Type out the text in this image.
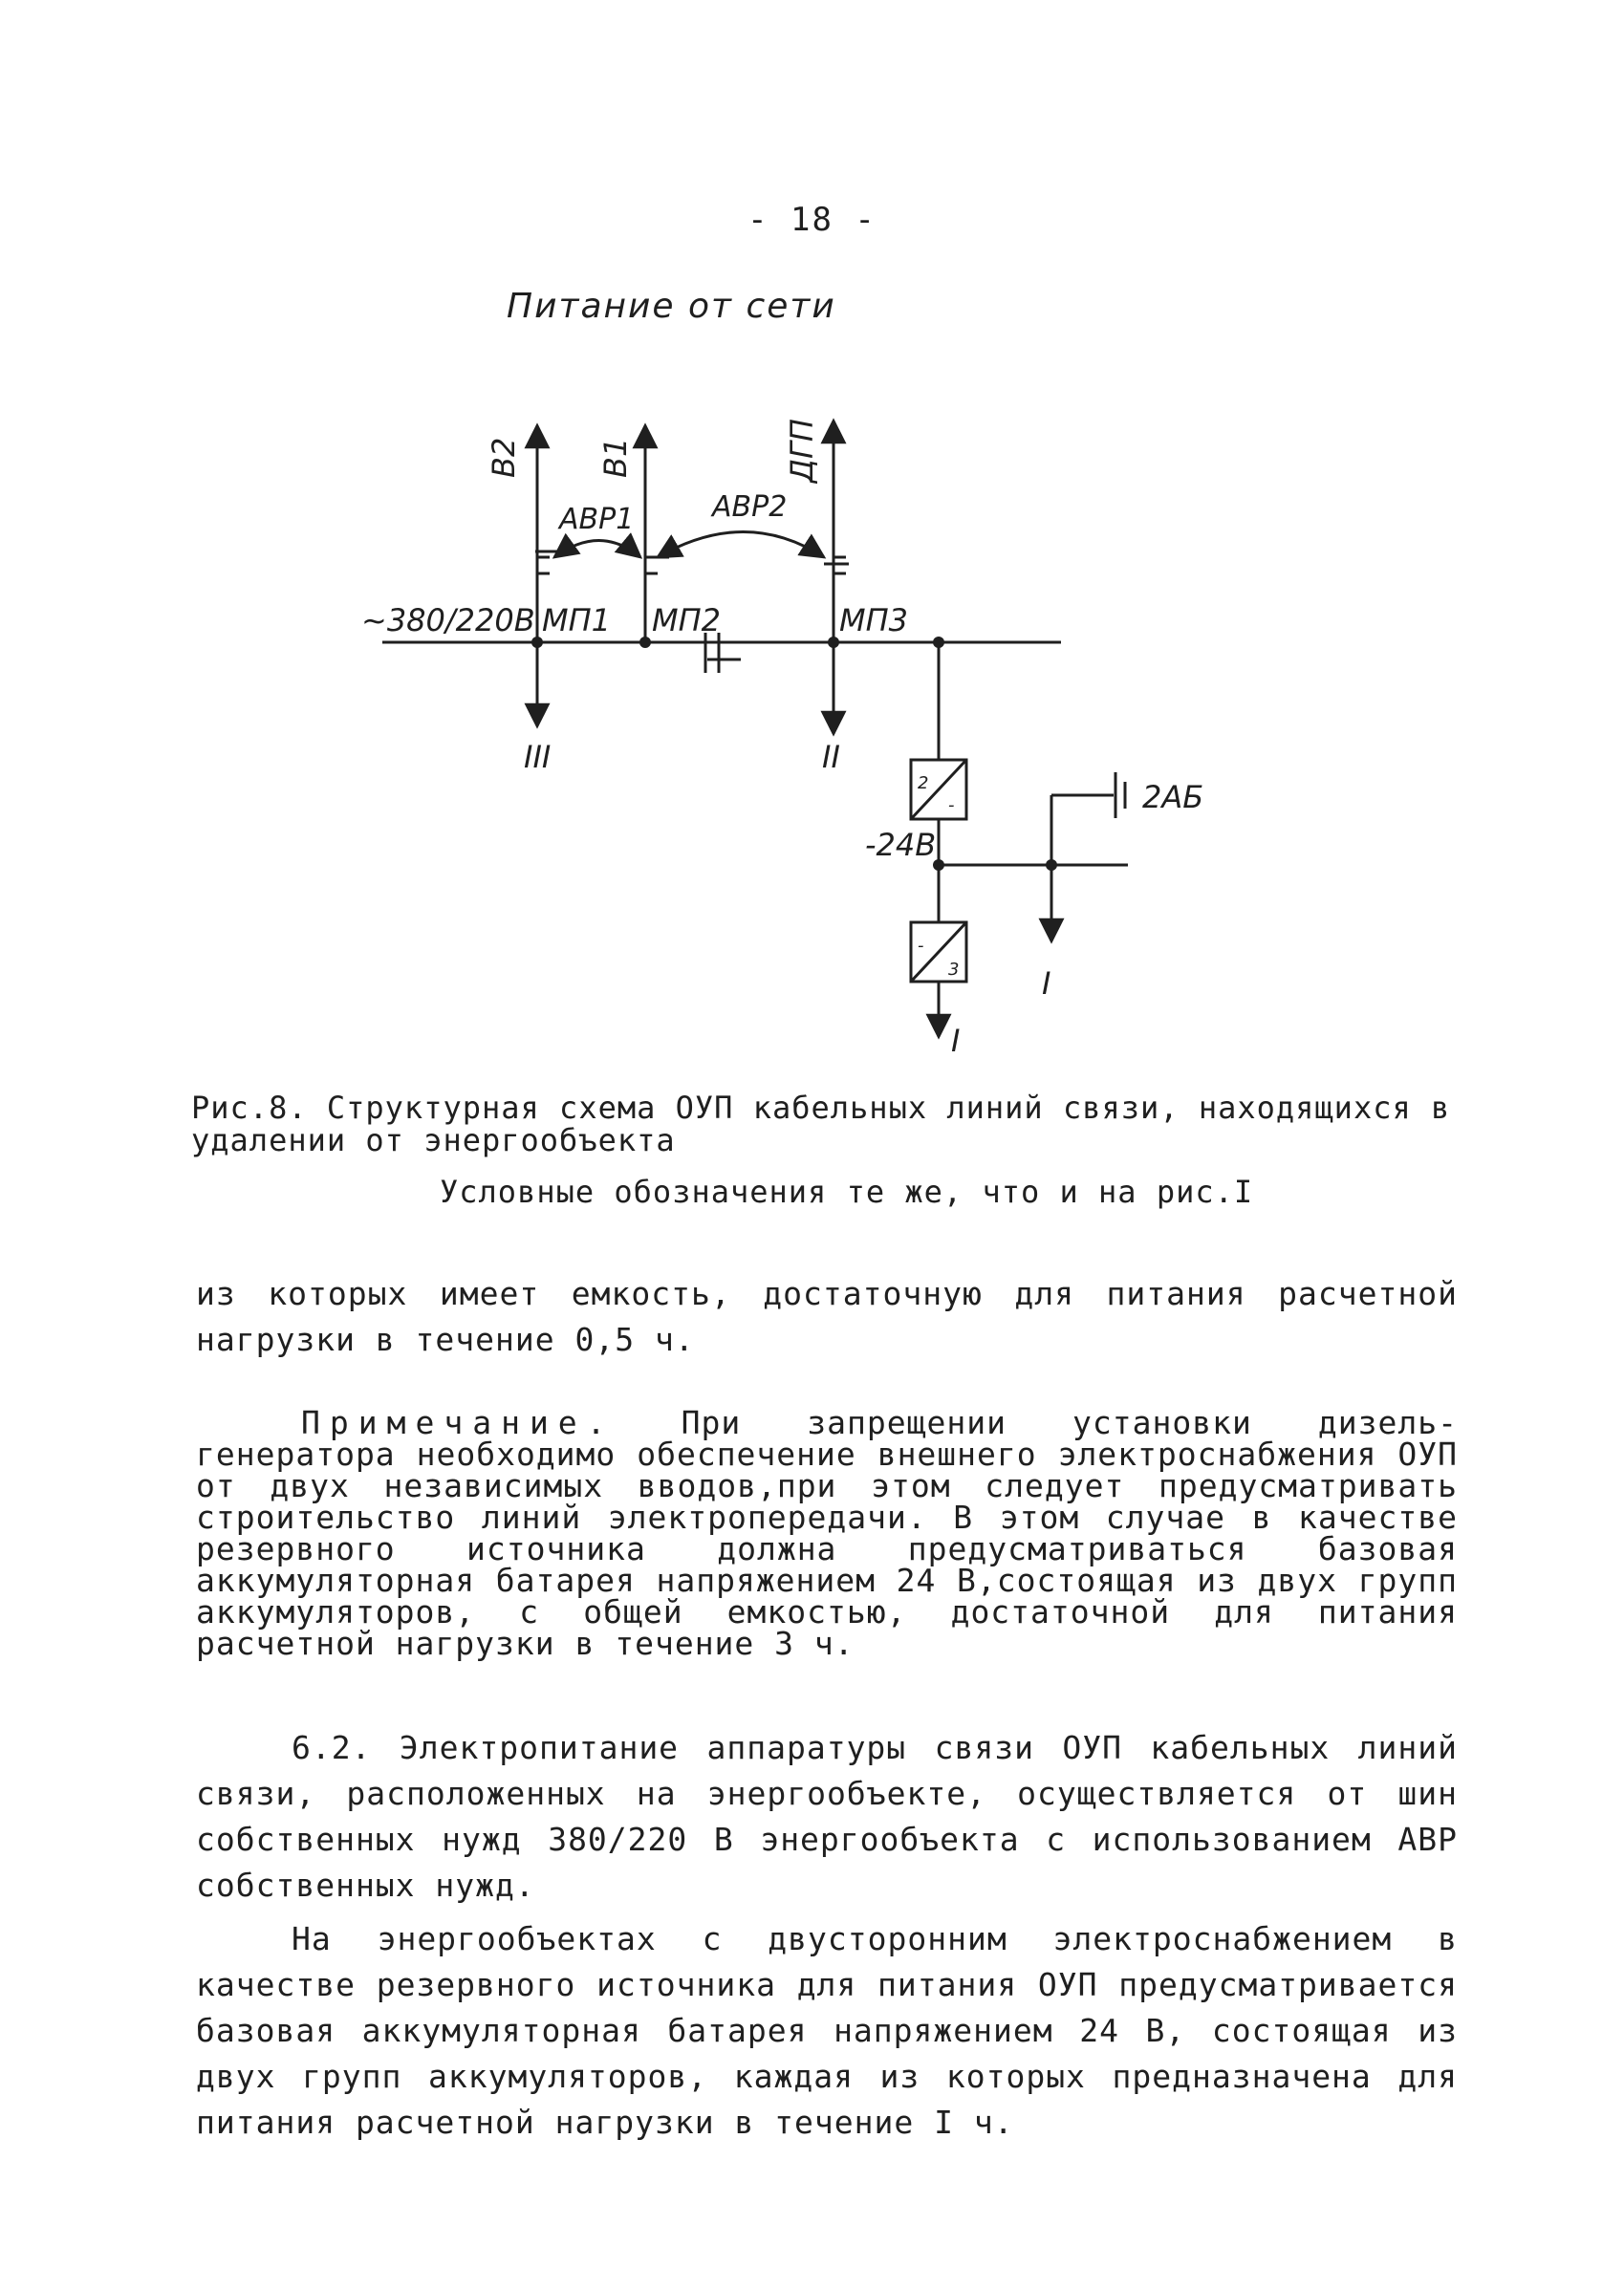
- 18 -
Питание от сети
В2 В1	ДГП
АВР1	АВР2
~380/220В МП1 МП2	МП3
III	II
2
-
-24В
2АБ
I
-
3
I
Рис.8. Структурная схема ОУП кабельных линий связи, находящихся в удалении от энергообъекта
Условные обозначения те же, что и на рис.I
из которых имеет емкость, достаточную для питания расчетной нагрузки в течение 0,5 ч.
Примечание. При запрещении установки дизель-генератора необходимо обеспечение внешнего электроснабжения ОУП от двух независимых вводов,при этом следует предусматривать строительство линий электропередачи. В этом случае в качестве резервного источника должна предусматриваться базовая аккумуляторная батарея напряжением 24 В,состоящая из двух групп аккумуляторов, с общей емкостью, достаточной для питания расчетной нагрузки в течение 3 ч.
6.2. Электропитание аппаратуры связи ОУП кабельных линий связи, расположенных на энергообъекте, осуществляется от шин собственных нужд 380/220 В энергообъекта с использованием АВР собственных нужд.
На энергообъектах с двусторонним электроснабжением в качестве резервного источника для питания ОУП предусматривается базовая аккумуляторная батарея напряжением 24 В, состоящая из двух групп аккумуляторов, каждая из которых предназначена для питания расчетной нагрузки в течение I ч.
